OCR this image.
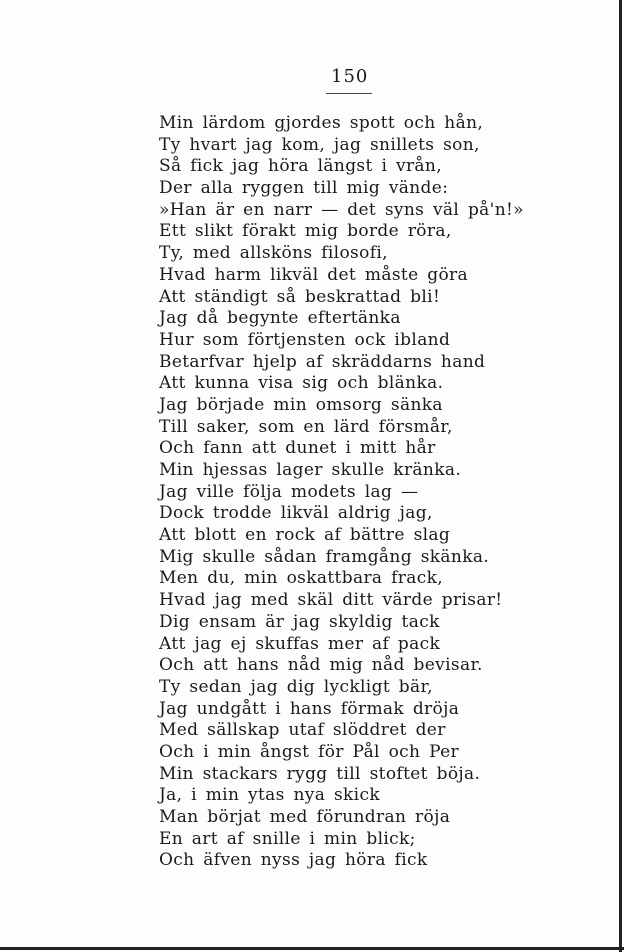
150
Min lärdom gjordes spott och hån,
Ty hvart jag kom, jag snillets son,
Så fick jag höra längst i vrån,
Der alla ryggen till mig vände:
»Han är en narr — det syns väl på'n!»
Ett slikt förakt mig borde röra,
Ty, med allsköns filosofi,
Hvad harm likväl det måste göra
Att ständigt så beskrattad bli!
Jag då begynte eftertänka
Hur som förtjensten ock ibland
Betarfvar hjelp af skräddarns hand
Att kunna visa sig och blänka.
Jag började min omsorg sänka
Till saker, som en lärd försmår,
Och fann att dunet i mitt hår
Min hjessas lager skulle kränka.
Jag ville följa modets lag —
Dock trodde likväl aldrig jag,
Att blott en rock af bättre slag
Mig skulle sådan framgång skänka.
Men du, min oskattbara frack,
Hvad jag med skäl ditt värde prisar!
Dig ensam är jag skyldig tack
Att jag ej skuffas mer af pack
Och att hans nåd mig nåd bevisar.
Ty sedan jag dig lyckligt bär,
Jag undgått i hans förmak dröja
Med sällskap utaf slöddret der
Och i min ångst för Pål och Per
Min stackars rygg till stoftet böja.
Ja, i min ytas nya skick
Man börjat med förundran röja
En art af snille i min blick;
Och äfven nyss jag höra fick
